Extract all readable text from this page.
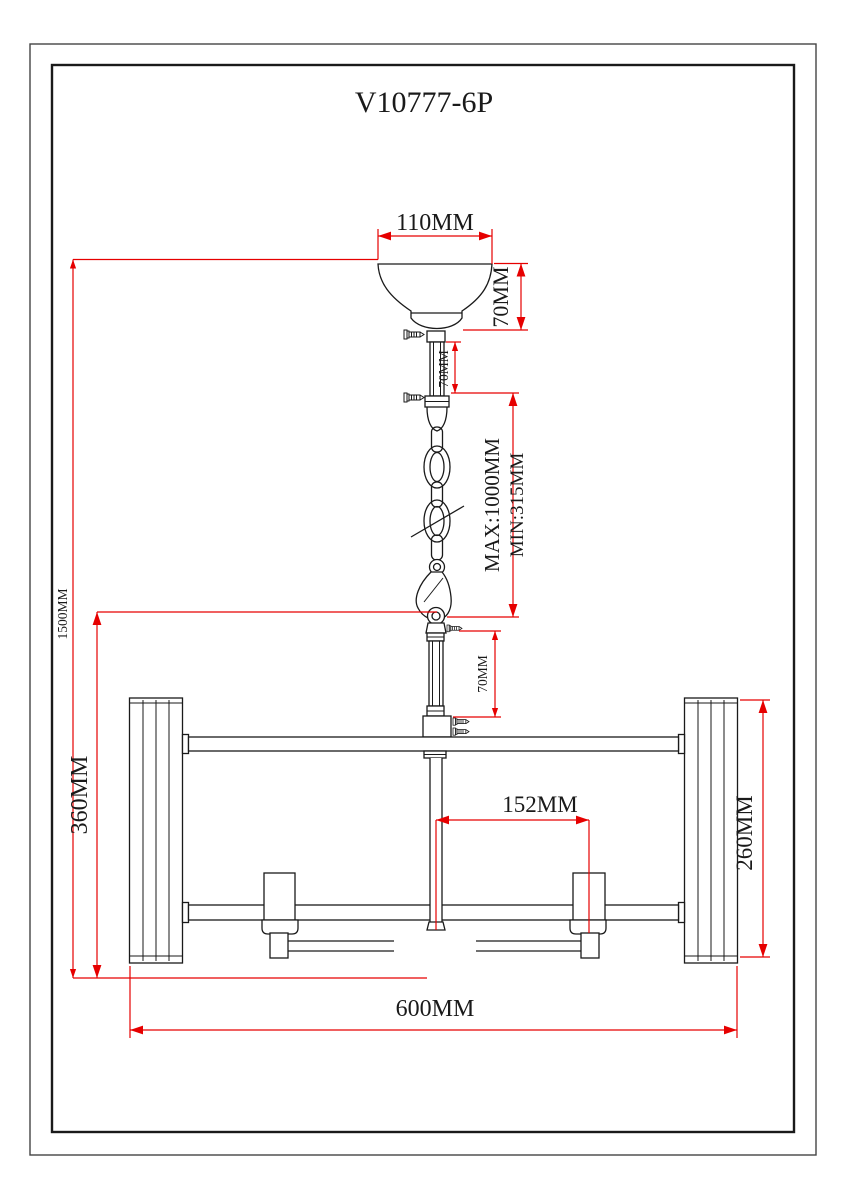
V10777-6P
110MM
70MM
70MM
MAX:1000MM MIN:315MM
70MM
1500MM
360MM	152MM	260MM
600MM
